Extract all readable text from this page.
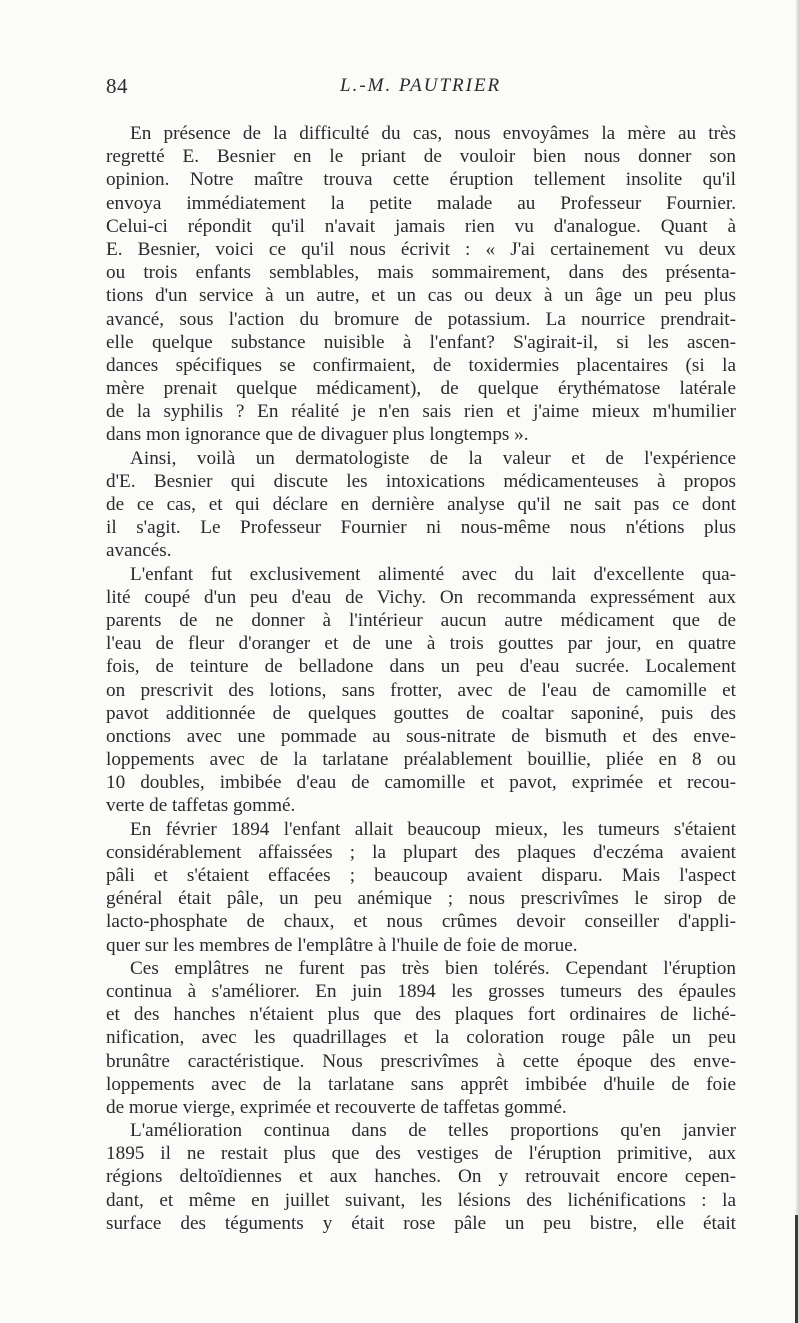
84	L.-M. PAUTRIER
En présence de la difficulté du cas, nous envoyâmes la mère au très
regretté E. Besnier en le priant de vouloir bien nous donner son
opinion. Notre maître trouva cette éruption tellement insolite qu'il
envoya immédiatement la petite malade au Professeur Fournier.
Celui-ci répondit qu'il n'avait jamais rien vu d'analogue. Quant à
E. Besnier, voici ce qu'il nous écrivit : « J'ai certainement vu deux
ou trois enfants semblables, mais sommairement, dans des présenta-
tions d'un service à un autre, et un cas ou deux à un âge un peu plus
avancé, sous l'action du bromure de potassium. La nourrice prendrait-
elle quelque substance nuisible à l'enfant? S'agirait-il, si les ascen-
dances spécifiques se confirmaient, de toxidermies placentaires (si la
mère prenait quelque médicament), de quelque érythématose latérale
de la syphilis ? En réalité je n'en sais rien et j'aime mieux m'humilier
dans mon ignorance que de divaguer plus longtemps ».
Ainsi, voilà un dermatologiste de la valeur et de l'expérience
d'E. Besnier qui discute les intoxications médicamenteuses à propos
de ce cas, et qui déclare en dernière analyse qu'il ne sait pas ce dont
il s'agit. Le Professeur Fournier ni nous-même nous n'étions plus
avancés.
L'enfant fut exclusivement alimenté avec du lait d'excellente qua-
lité coupé d'un peu d'eau de Vichy. On recommanda expressément aux
parents de ne donner à l'intérieur aucun autre médicament que de
l'eau de fleur d'oranger et de une à trois gouttes par jour, en quatre
fois, de teinture de belladone dans un peu d'eau sucrée. Localement
on prescrivit des lotions, sans frotter, avec de l'eau de camomille et
pavot additionnée de quelques gouttes de coaltar saponiné, puis des
onctions avec une pommade au sous-nitrate de bismuth et des enve-
loppements avec de la tarlatane préalablement bouillie, pliée en 8 ou
10 doubles, imbibée d'eau de camomille et pavot, exprimée et recou-
verte de taffetas gommé.
En février 1894 l'enfant allait beaucoup mieux, les tumeurs s'étaient
considérablement affaissées ; la plupart des plaques d'eczéma avaient
pâli et s'étaient effacées ; beaucoup avaient disparu. Mais l'aspect
général était pâle, un peu anémique ; nous prescrivîmes le sirop de
lacto-phosphate de chaux, et nous crûmes devoir conseiller d'appli-
quer sur les membres de l'emplâtre à l'huile de foie de morue.
Ces emplâtres ne furent pas très bien tolérés. Cependant l'éruption
continua à s'améliorer. En juin 1894 les grosses tumeurs des épaules
et des hanches n'étaient plus que des plaques fort ordinaires de liché-
nification, avec les quadrillages et la coloration rouge pâle un peu
brunâtre caractéristique. Nous prescrivîmes à cette époque des enve-
loppements avec de la tarlatane sans apprêt imbibée d'huile de foie
de morue vierge, exprimée et recouverte de taffetas gommé.
L'amélioration continua dans de telles proportions qu'en janvier
1895 il ne restait plus que des vestiges de l'éruption primitive, aux
régions deltoïdiennes et aux hanches. On y retrouvait encore cepen-
dant, et même en juillet suivant, les lésions des lichénifications : la
surface des téguments y était rose pâle un peu bistre, elle était
